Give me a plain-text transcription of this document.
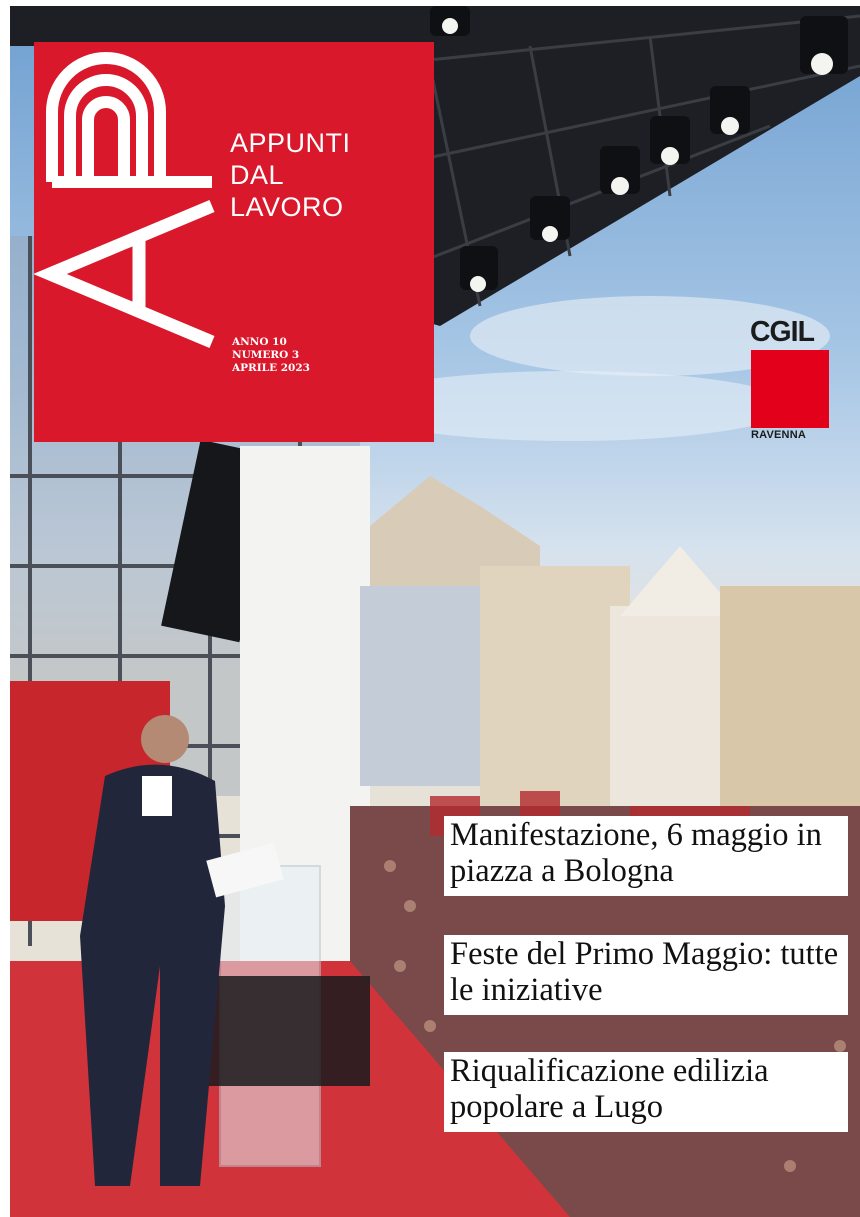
APPUNTI
DAL
LAVORO
ANNO 10
NUMERO 3
APRILE 2023
CGIL
RAVENNA
Manifestazione, 6 maggio in piazza a Bologna
Feste del Primo Maggio: tutte le iniziative
Riqualificazione edilizia popolare a Lugo
